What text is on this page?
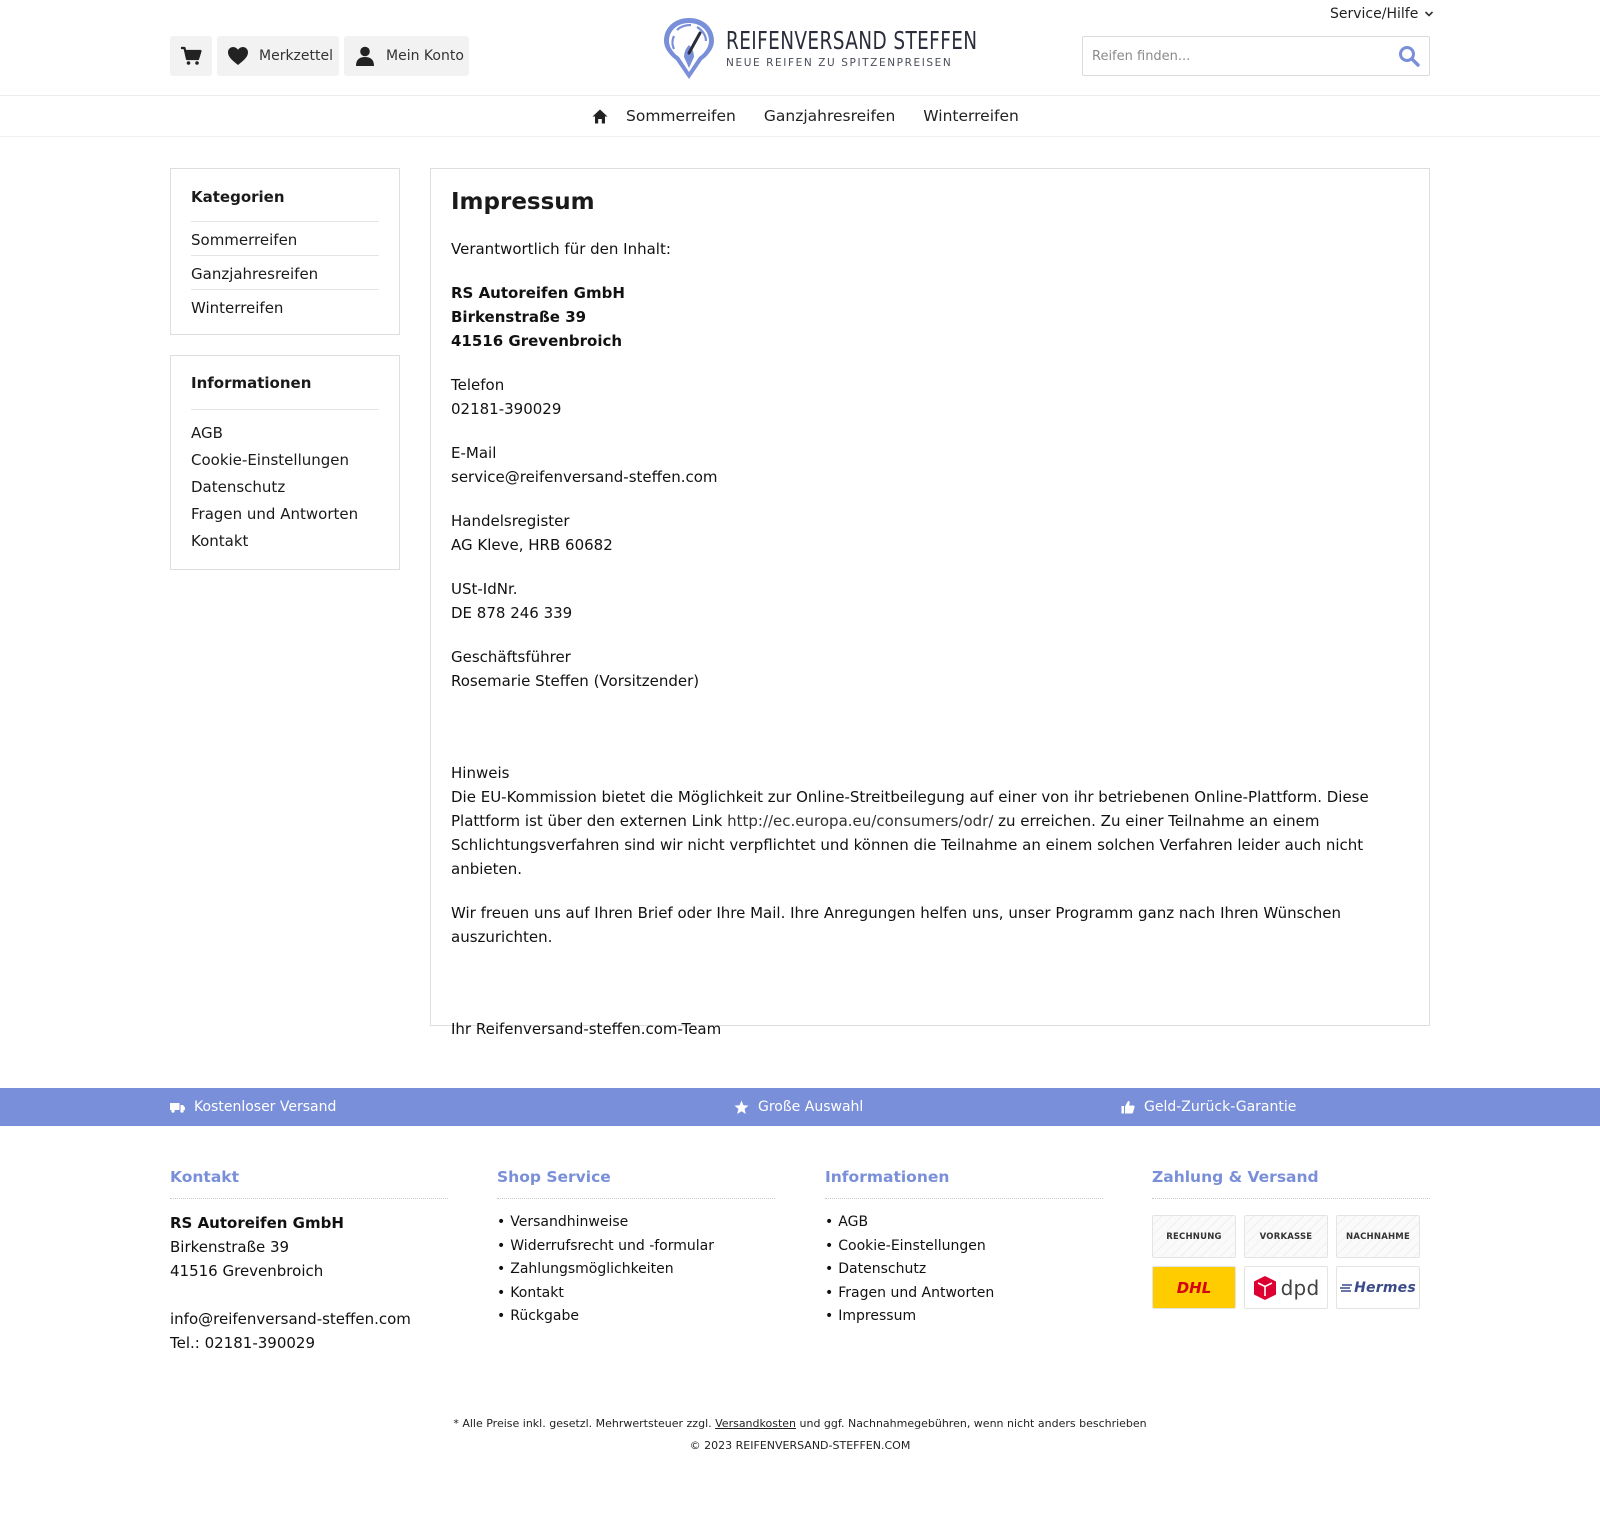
Service/Hilfe
Merkzettel	Mein Konto
REIFENVERSAND STEFFEN
NEUE REIFEN ZU SPITZENPREISEN
Reifen finden...
Sommerreifen Ganzjahresreifen Winterreifen
Kategorien
Sommerreifen
Ganzjahresreifen
Winterreifen
Informationen
AGB
Cookie-Einstellungen
Datenschutz
Fragen und Antworten
Kontakt
Impressum

Verantwortlich für den Inhalt:

RS Autoreifen GmbH
Birkenstraße 39
41516 Grevenbroich

Telefon
02181-390029

E-Mail
service@reifenversand-steffen.com

Handelsregister
AG Kleve, HRB 60682

USt-IdNr.
DE 878 246 339

Geschäftsführer
Rosemarie Steffen (Vorsitzender)

Hinweis
Die EU-Kommission bietet die Möglichkeit zur Online-Streitbeilegung auf einer von ihr betriebenen Online-Plattform. Diese Plattform ist über den externen Link http://ec.europa.eu/consumers/odr/ zu erreichen. Zu einer Teilnahme an einem Schlichtungsverfahren sind wir nicht verpflichtet und können die Teilnahme an einem solchen Verfahren leider auch nicht anbieten.

Wir freuen uns auf Ihren Brief oder Ihre Mail. Ihre Anregungen helfen uns, unser Programm ganz nach Ihren Wünschen auszurichten.

Ihr Reifenversand-steffen.com-Team

Kostenloser Versand	Große Auswahl	Geld-Zurück-Garantie
Kontakt
RS Autoreifen GmbH
Birkenstraße 39
41516 Grevenbroich

info@reifenversand-steffen.com
Tel.: 02181-390029
Shop Service
• Versandhinweise
• Widerrufsrecht und -formular
• Zahlungsmöglichkeiten
• Kontakt
• Rückgabe
Informationen
• AGB
• Cookie-Einstellungen
• Datenschutz
• Fragen und Antworten
• Impressum
Zahlung & Versand
RECHNUNG	VORKASSE	NACHNAHME
DHL	dpd Hermes
* Alle Preise inkl. gesetzl. Mehrwertsteuer zzgl. Versandkosten und ggf. Nachnahmegebühren, wenn nicht anders beschrieben
© 2023 REIFENVERSAND-STEFFEN.COM
